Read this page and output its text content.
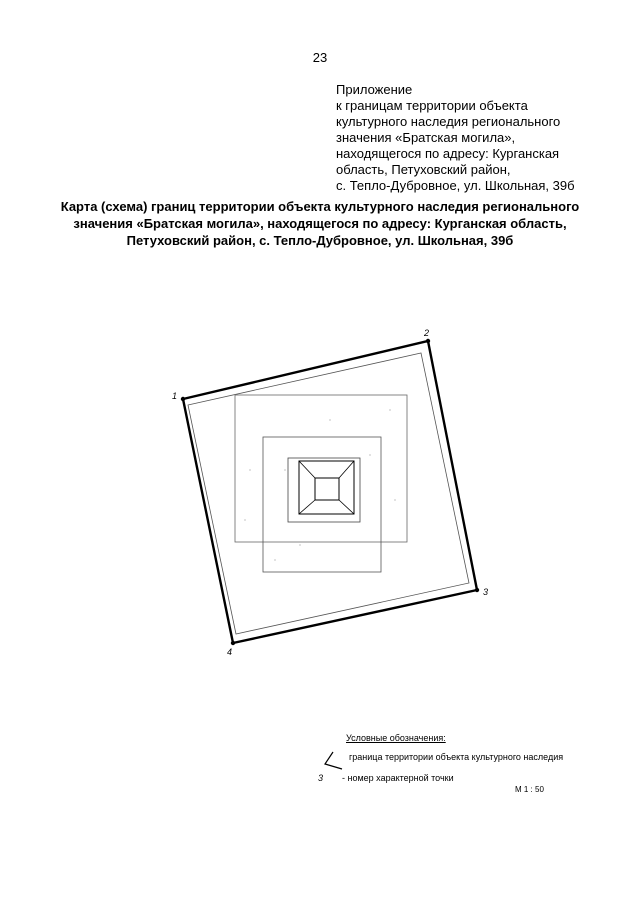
23
Приложение
к границам территории объекта
культурного наследия регионального
значения «Братская могила»,
находящегося по адресу: Курганская
область, Петуховский район,
с. Тепло-Дубровное, ул. Школьная, 39б
Карта (схема) границ территории объекта культурного наследия регионального
значения «Братская могила», находящегося по адресу: Курганская область,
Петуховский район, с. Тепло-Дубровное, ул. Школьная, 39б
1
2
3
4
Условные обозначения:
граница территории объекта культурного наследия
3 - номер характерной точки
М 1 : 50
